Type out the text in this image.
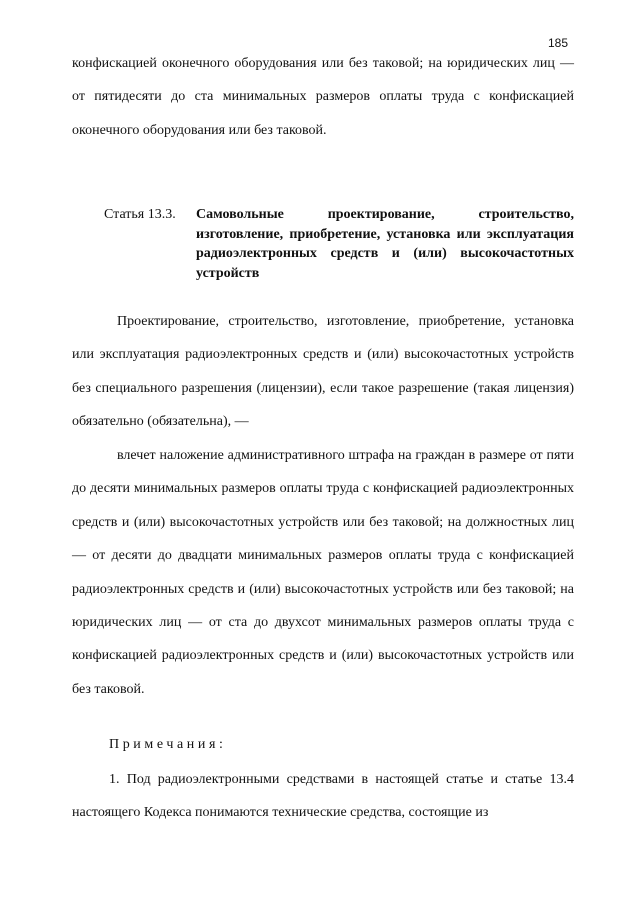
185

конфискацией оконечного оборудования или без таковой; на юридических лиц — от пятидесяти до ста минимальных размеров оплаты труда с конфискацией оконечного оборудования или без таковой.

Статья 13.3.	Самовольные проектирование, строительство, изготовление, приобретение, установка или эксплуатация радиоэлектронных средств и (или) высокочастотных устройств

Проектирование, строительство, изготовление, приобретение, установка или эксплуатация радиоэлектронных средств и (или) высокочастотных устройств без специального разрешения (лицензии), если такое разрешение (такая лицензия) обязательно (обязательна), —

влечет наложение административного штрафа на граждан в размере от пяти до десяти минимальных размеров оплаты труда с конфискацией радиоэлектронных средств и (или) высокочастотных устройств или без таковой; на должностных лиц — от десяти до двадцати минимальных размеров оплаты труда с конфискацией радиоэлектронных средств и (или) высокочастотных устройств или без таковой; на юридических лиц — от ста до двухсот минимальных размеров оплаты труда с конфискацией радиоэлектронных средств и (или) высокочастотных устройств или без таковой.

Примечания:

1. Под радиоэлектронными средствами в настоящей статье и статье 13.4 настоящего Кодекса понимаются технические средства, состоящие из
